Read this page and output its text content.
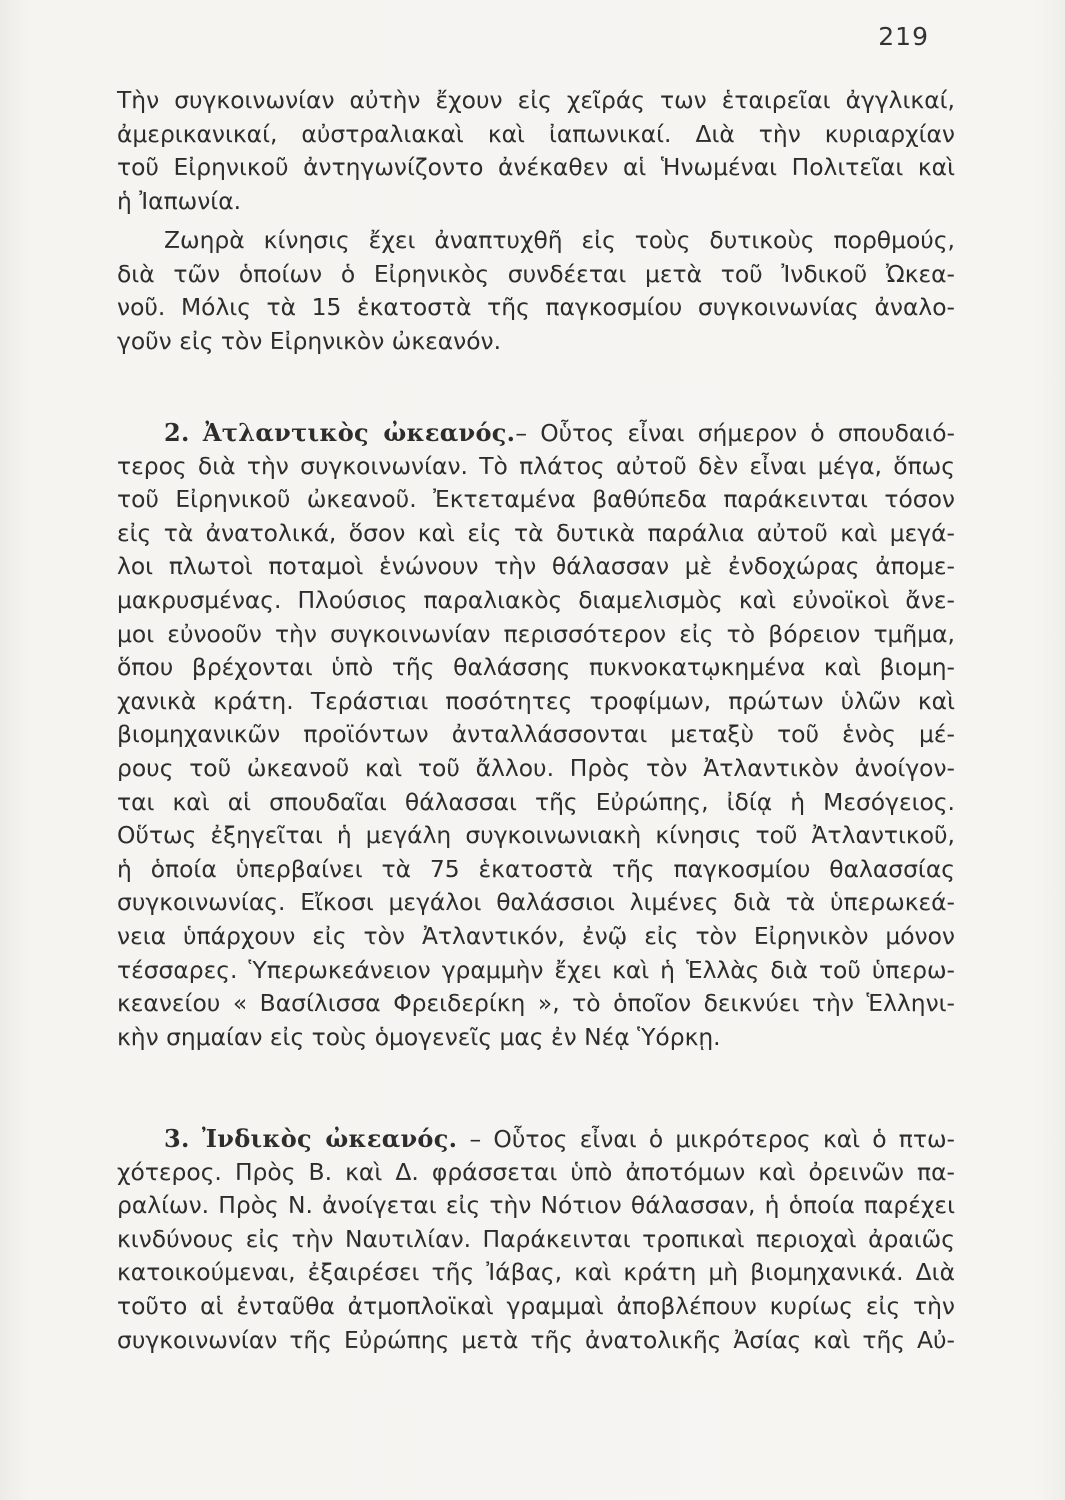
219
Τὴν συγκοινωνίαν αὐτὴν ἔχουν εἰς χεῖράς των ἑταιρεῖαι ἀγγλικαί,
ἀμερικανικαί, αὐστραλιακαὶ καὶ ἰαπωνικαί. Διὰ τὴν κυριαρχίαν
τοῦ Εἰρηνικοῦ ἀντηγωνίζοντο ἀνέκαθεν αἱ Ἡνωμέναι Πολιτεῖαι καὶ
ἡ Ἰαπωνία.
Ζωηρὰ κίνησις ἔχει ἀναπτυχθῆ εἰς τοὺς δυτικοὺς πορθμούς,
διὰ τῶν ὁποίων ὁ Εἰρηνικὸς συνδέεται μετὰ τοῦ Ἰνδικοῦ Ὠκεα-
νοῦ. Μόλις τὰ 15 ἑκατοστὰ τῆς παγκοσμίου συγκοινωνίας ἀναλο-
γοῦν εἰς τὸν Εἰρηνικὸν ὠκεανόν.
2. Ἀτλαντικὸς ὠκεανός.– Οὗτος εἶναι σήμερον ὁ σπουδαιό-
τερος διὰ τὴν συγκοινωνίαν. Τὸ πλάτος αὐτοῦ δὲν εἶναι μέγα, ὅπως
τοῦ Εἰρηνικοῦ ὠκεανοῦ. Ἐκτεταμένα βαθύπεδα παράκεινται τόσον
εἰς τὰ ἀνατολικά, ὅσον καὶ εἰς τὰ δυτικὰ παράλια αὐτοῦ καὶ μεγά-
λοι πλωτοὶ ποταμοὶ ἑνώνουν τὴν θάλασσαν μὲ ἐνδοχώρας ἀπομε-
μακρυσμένας. Πλούσιος παραλιακὸς διαμελισμὸς καὶ εὐνοϊκοὶ ἄνε-
μοι εὐνοοῦν τὴν συγκοινωνίαν περισσότερον εἰς τὸ βόρειον τμῆμα,
ὅπου βρέχονται ὑπὸ τῆς θαλάσσης πυκνοκατῳκημένα καὶ βιομη-
χανικὰ κράτη. Τεράστιαι ποσότητες τροφίμων, πρώτων ὑλῶν καὶ
βιομηχανικῶν προϊόντων ἀνταλλάσσονται μεταξὺ τοῦ ἑνὸς μέ-
ρους τοῦ ὠκεανοῦ καὶ τοῦ ἄλλου. Πρὸς τὸν Ἀτλαντικὸν ἀνοίγον-
ται καὶ αἱ σπουδαῖαι θάλασσαι τῆς Εὐρώπης, ἰδίᾳ ἡ Μεσόγειος.
Οὕτως ἐξηγεῖται ἡ μεγάλη συγκοινωνιακὴ κίνησις τοῦ Ἀτλαντικοῦ,
ἡ ὁποία ὑπερβαίνει τὰ 75 ἑκατοστὰ τῆς παγκοσμίου θαλασσίας
συγκοινωνίας. Εἴκοσι μεγάλοι θαλάσσιοι λιμένες διὰ τὰ ὑπερωκεά-
νεια ὑπάρχουν εἰς τὸν Ἀτλαντικόν, ἐνῷ εἰς τὸν Εἰρηνικὸν μόνον
τέσσαρες. Ὑπερωκεάνειον γραμμὴν ἔχει καὶ ἡ Ἑλλὰς διὰ τοῦ ὑπερω-
κεανείου « Βασίλισσα Φρειδερίκη », τὸ ὁποῖον δεικνύει τὴν Ἑλληνι-
κὴν σημαίαν εἰς τοὺς ὁμογενεῖς μας ἐν Νέᾳ Ὑόρκῃ.
3. Ἰνδικὸς ὠκεανός. – Οὗτος εἶναι ὁ μικρότερος καὶ ὁ πτω-
χότερος. Πρὸς Β. καὶ Δ. φράσσεται ὑπὸ ἀποτόμων καὶ ὀρεινῶν πα-
ραλίων. Πρὸς Ν. ἀνοίγεται εἰς τὴν Νότιον θάλασσαν, ἡ ὁποία παρέχει
κινδύνους εἰς τὴν Ναυτιλίαν. Παράκεινται τροπικαὶ περιοχαὶ ἀραιῶς
κατοικούμεναι, ἐξαιρέσει τῆς Ἰάβας, καὶ κράτη μὴ βιομηχανικά. Διὰ
τοῦτο αἱ ἐνταῦθα ἀτμοπλοϊκαὶ γραμμαὶ ἀποβλέπουν κυρίως εἰς τὴν
συγκοινωνίαν τῆς Εὐρώπης μετὰ τῆς ἀνατολικῆς Ἀσίας καὶ τῆς Αὐ-
